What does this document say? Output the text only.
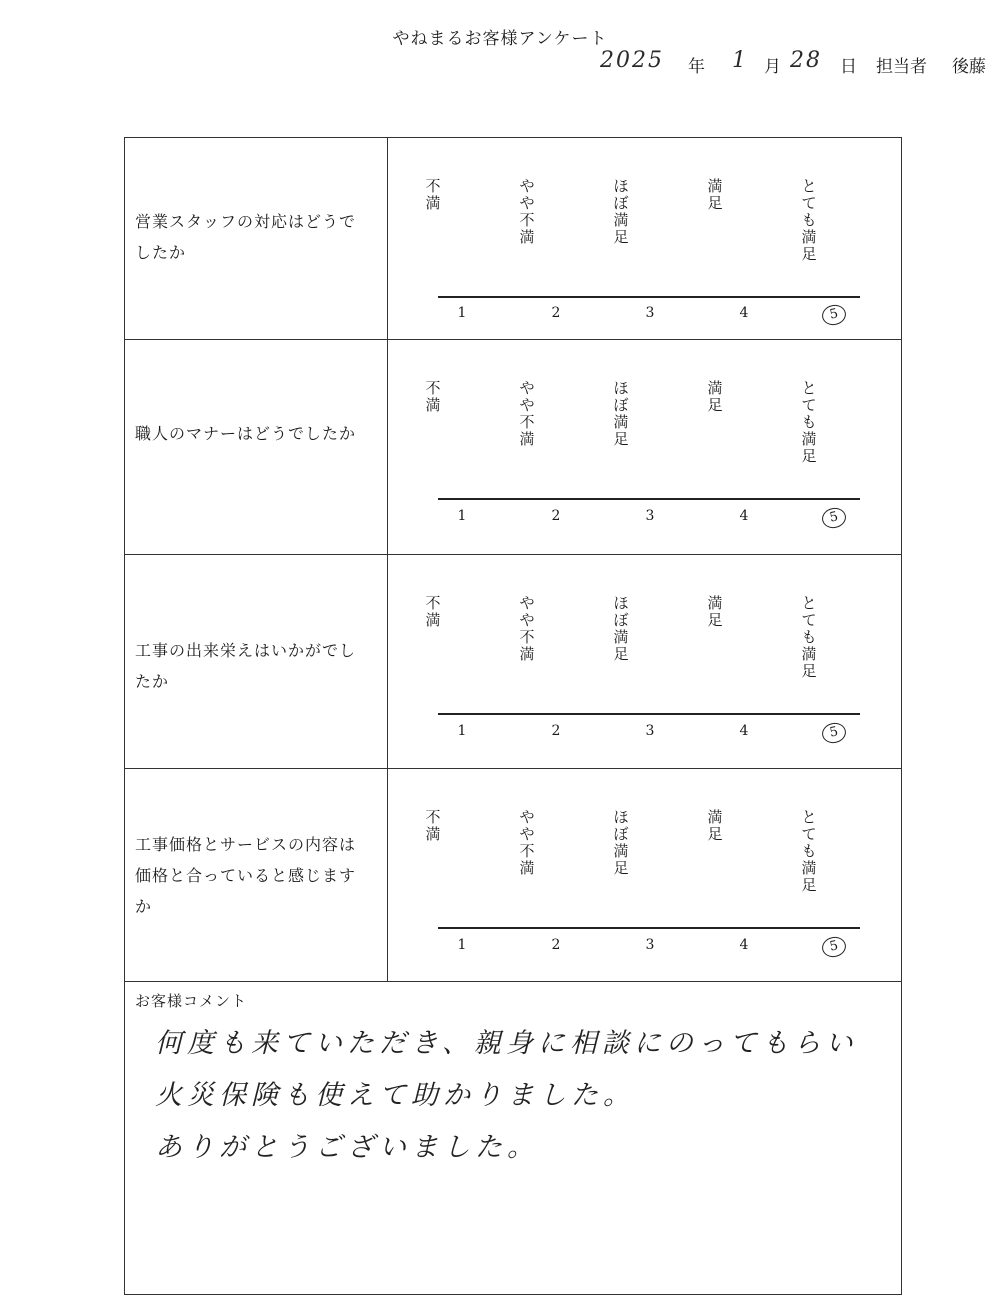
やねまるお客様アンケート
2025 年 1 月 28 日 担当者 後藤
営業スタッフの対応はどうでしたか
不満
やや不満
ほぼ満足
満足
とても満足
1	2	3	4	5
職人のマナーはどうでしたか
不満
やや不満
ほぼ満足
満足
とても満足
1	2	3	4	5
工事の出来栄えはいかがでしたか
不満
やや不満
ほぼ満足
満足
とても満足
1	2	3	4	5
工事価格とサービスの内容は価格と合っていると感じますか
不満
やや不満
ほぼ満足
満足
とても満足
1	2	3	4	5
お客様コメント
何度も来ていただき、親身に相談にのってもらい
火災保険も使えて助かりました。
ありがとうございました。
